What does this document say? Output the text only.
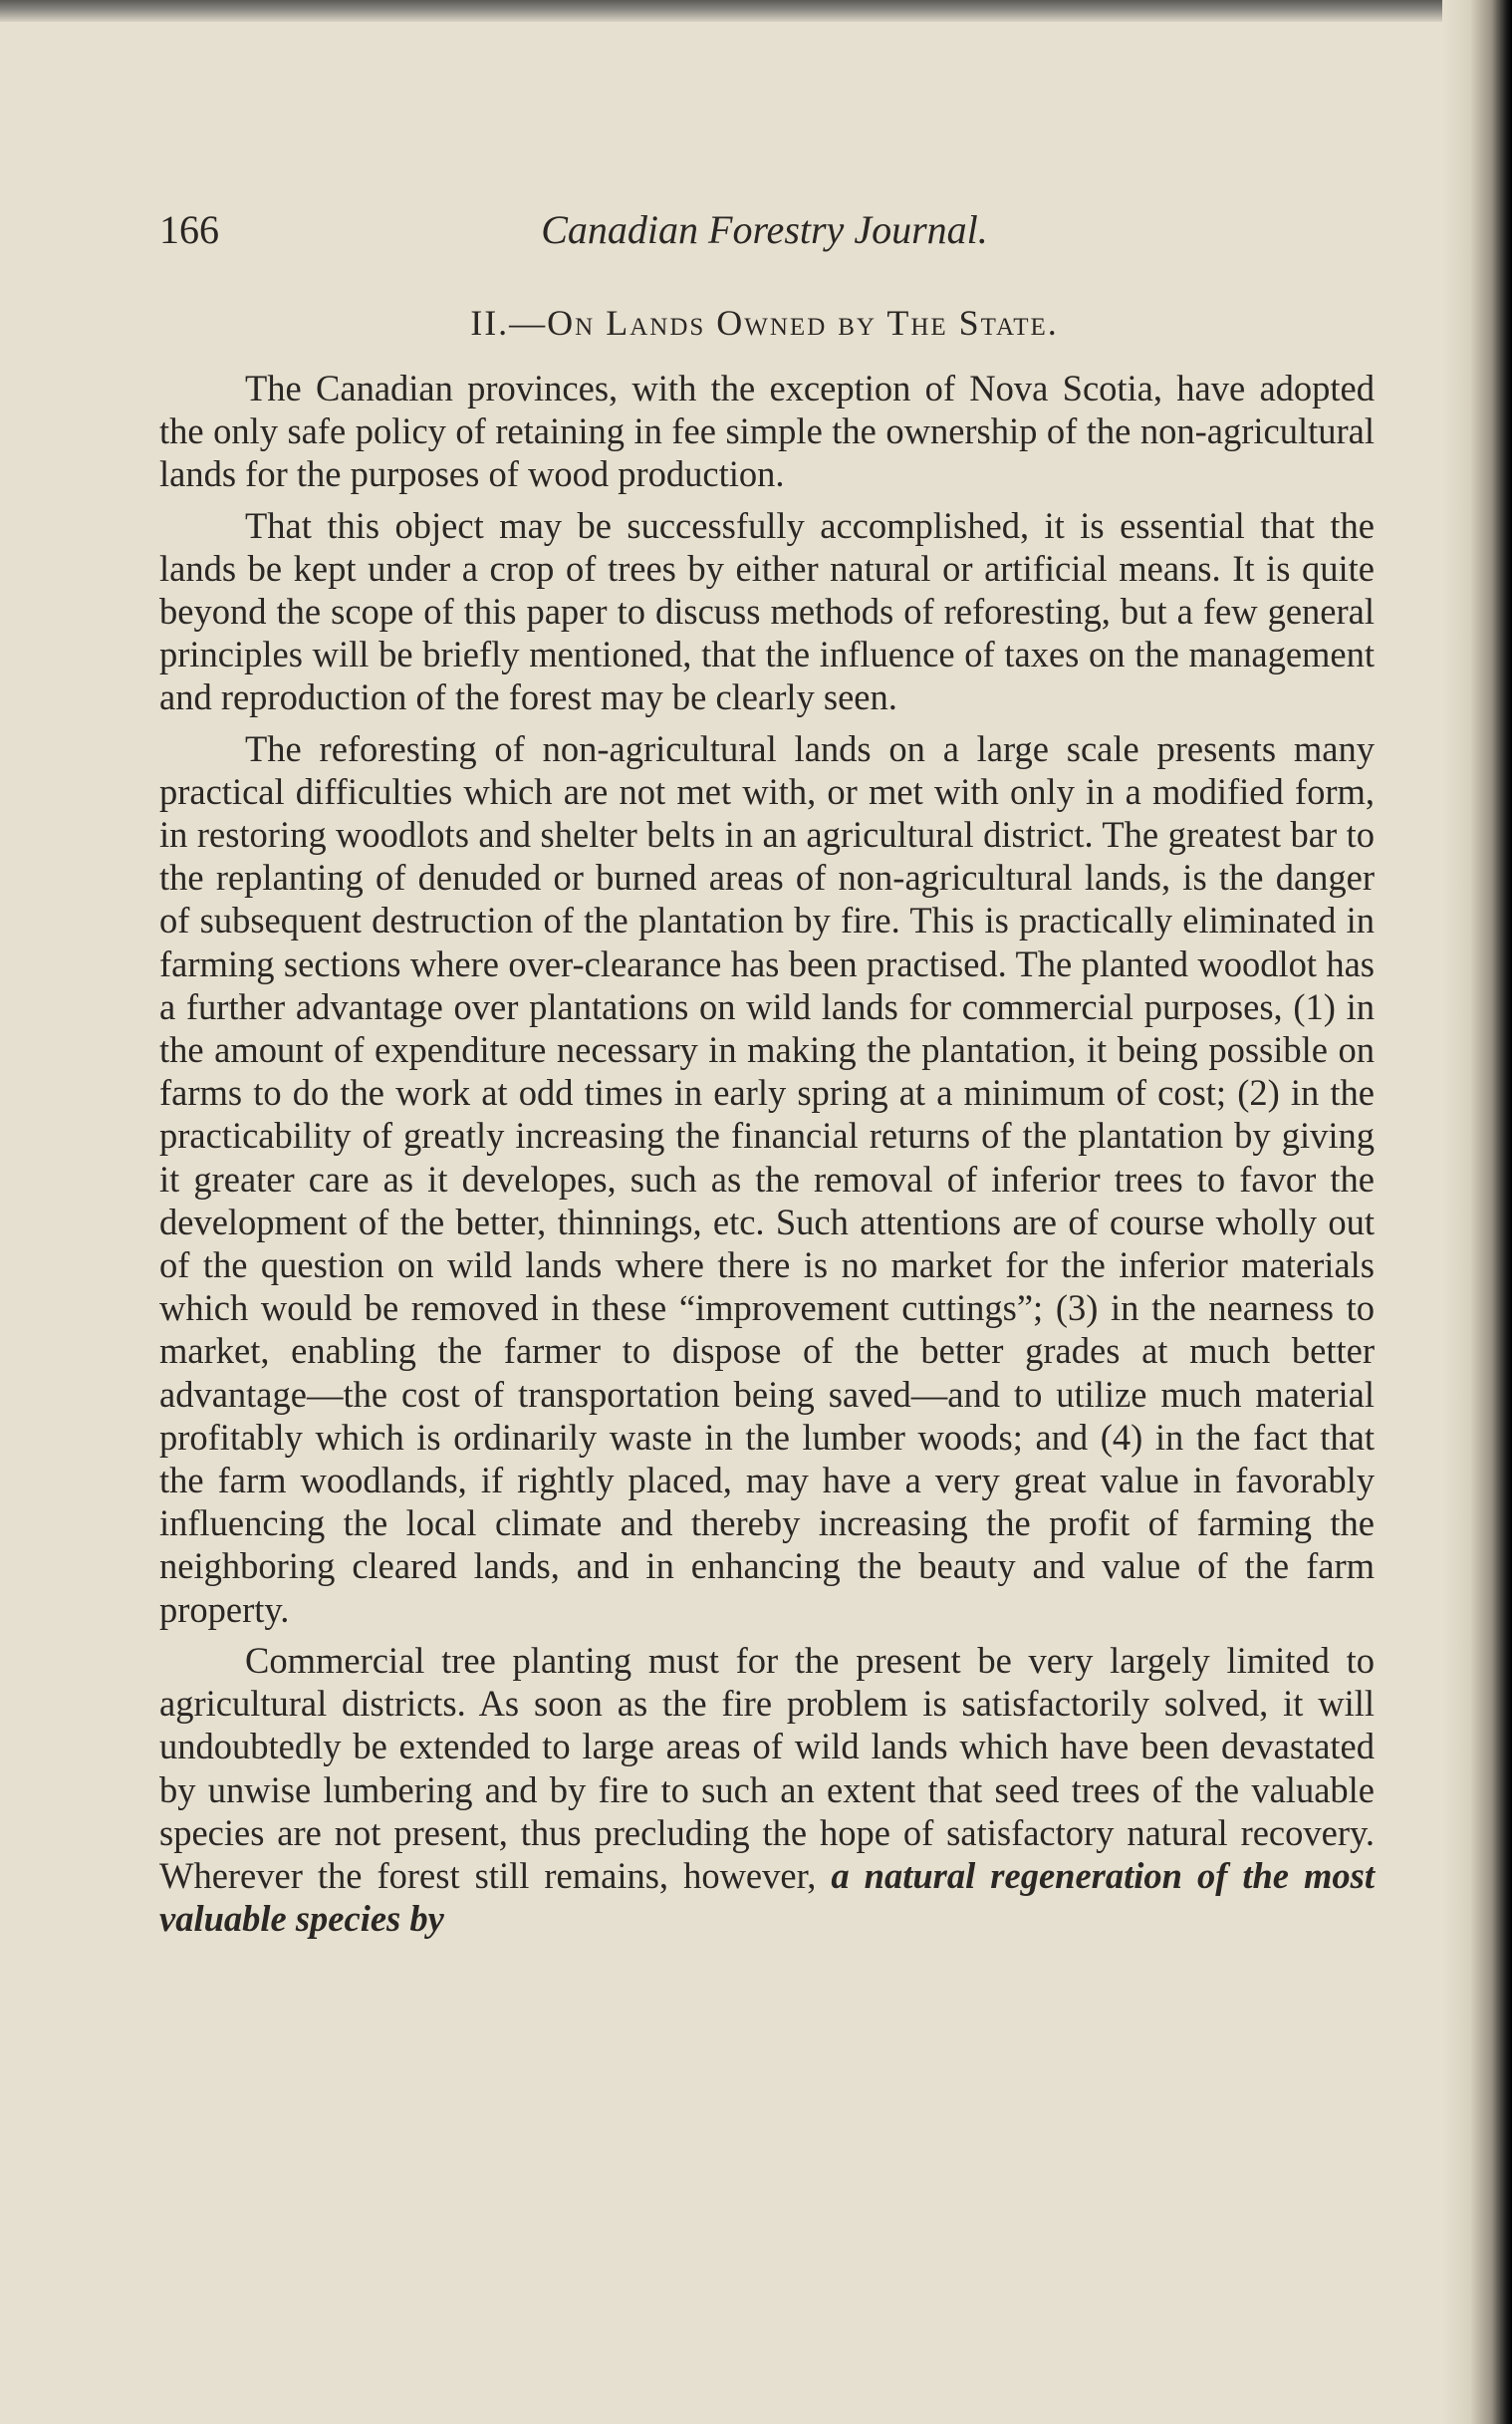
166	Canadian Forestry Journal.
II.—On Lands Owned by The State.

The Canadian provinces, with the exception of Nova Scotia, have adopted the only safe policy of retaining in fee simple the ownership of the non-agricultural lands for the purposes of wood production.

That this object may be successfully accomplished, it is essential that the lands be kept under a crop of trees by either natural or artificial means. It is quite beyond the scope of this paper to discuss methods of reforesting, but a few general principles will be briefly mentioned, that the influence of taxes on the management and reproduction of the forest may be clearly seen.

The reforesting of non-agricultural lands on a large scale presents many practical difficulties which are not met with, or met with only in a modified form, in restoring woodlots and shelter belts in an agricultural district. The greatest bar to the replanting of denuded or burned areas of non-agricultural lands, is the danger of subsequent destruction of the plantation by fire. This is practically eliminated in farming sections where over-clearance has been practised. The planted woodlot has a further advantage over plantations on wild lands for commercial purposes, (1) in the amount of expenditure necessary in making the plantation, it being possible on farms to do the work at odd times in early spring at a minimum of cost; (2) in the practicability of greatly increasing the financial returns of the plantation by giving it greater care as it developes, such as the removal of inferior trees to favor the development of the better, thinnings, etc. Such attentions are of course wholly out of the question on wild lands where there is no market for the inferior materials which would be removed in these “improvement cuttings”; (3) in the nearness to market, enabling the farmer to dispose of the better grades at much better advantage—the cost of transportation being saved—and to utilize much material profitably which is ordinarily waste in the lumber woods; and (4) in the fact that the farm woodlands, if rightly placed, may have a very great value in favorably influencing the local climate and thereby increasing the profit of farming the neighboring cleared lands, and in enhancing the beauty and value of the farm property.

Commercial tree planting must for the present be very largely limited to agricultural districts. As soon as the fire problem is satisfactorily solved, it will undoubtedly be extended to large areas of wild lands which have been devastated by unwise lumbering and by fire to such an extent that seed trees of the valuable species are not present, thus precluding the hope of satisfactory natural recovery. Wherever the forest still remains, however, a natural regeneration of the most valuable species by
